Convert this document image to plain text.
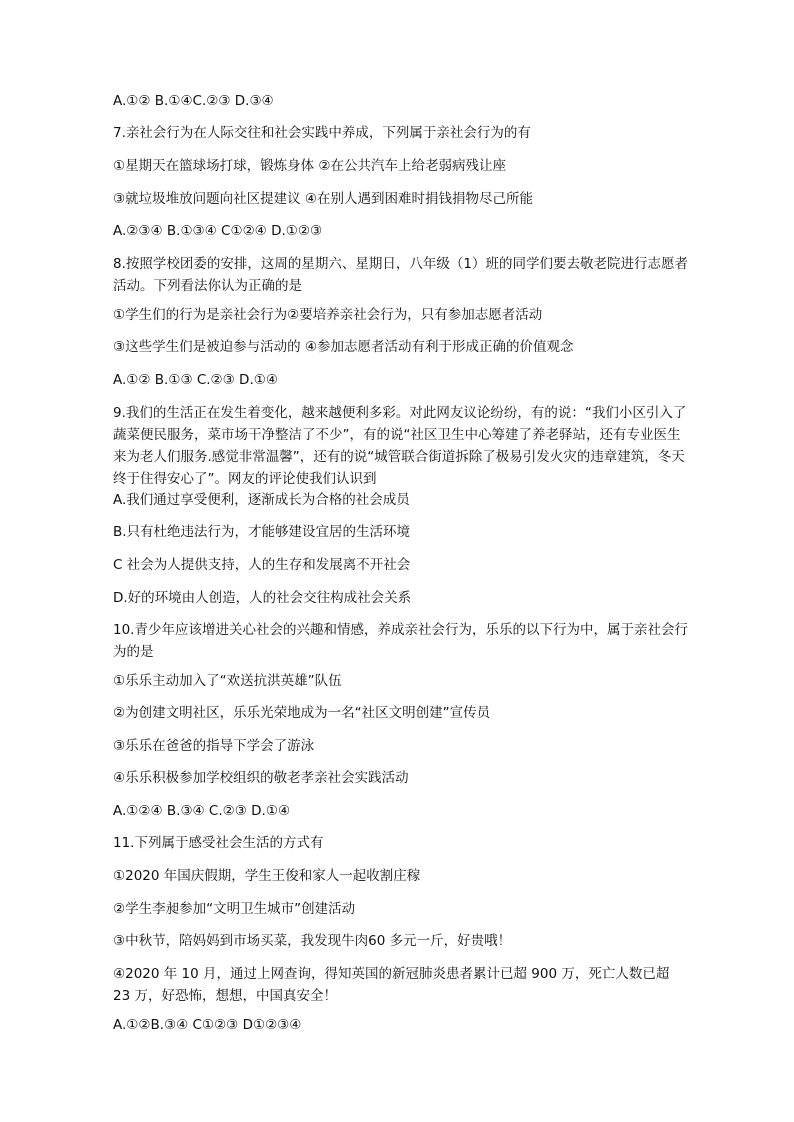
A.①② B.①④C.②③ D.③④
7.亲社会行为在人际交往和社会实践中养成，下列属于亲社会行为的有
①星期天在篮球场打球，锻炼身体 ②在公共汽车上给老弱病残让座
③就垃圾堆放问题向社区提建议 ④在别人遇到困难时捐钱捐物尽己所能
A.②③④ B.①③④ C①②④ D.①②③
8.按照学校团委的安排，这周的星期六、星期日，八年级（1）班的同学们要去敬老院进行志愿者活动。下列看法你认为正确的是
①学生们的行为是亲社会行为②要培养亲社会行为，只有参加志愿者活动
③这些学生们是被迫参与活动的 ④参加志愿者活动有利于形成正确的价值观念
A.①② B.①③ C.②③ D.①④
9.我们的生活正在发生着变化，越来越便利多彩。对此网友议论纷纷，有的说：“我们小区引入了蔬菜便民服务，菜市场干净整洁了不少”，有的说“社区卫生中心筹建了养老驿站，还有专业医生来为老人们服务.感觉非常温馨”，还有的说“城管联合街道拆除了极易引发火灾的违章建筑，冬天终于住得安心了”。网友的评论使我们认识到
A.我们通过享受便利，逐渐成长为合格的社会成员
B.只有杜绝违法行为，才能够建设宜居的生活环境
C 社会为人提供支持，人的生存和发展离不开社会
D.好的环境由人创造，人的社会交往构成社会关系
10.青少年应该增进关心社会的兴趣和情感，养成亲社会行为，乐乐的以下行为中，属于亲社会行为的是
①乐乐主动加入了“欢送抗洪英雄”队伍
②为创建文明社区，乐乐光荣地成为一名“社区文明创建”宣传员
③乐乐在爸爸的指导下学会了游泳
④乐乐积极参加学校组织的敬老孝亲社会实践活动
A.①②④ B.③④ C.②③ D.①④
11.下列属于感受社会生活的方式有
①2020 年国庆假期，学生王俊和家人一起收割庄稼
②学生李昶参加“文明卫生城市”创建活动
③中秋节，陪妈妈到市场买菜，我发现牛肉60 多元一斤，好贵哦！
④2020 年 10 月，通过上网查询，得知英国的新冠肺炎患者累计已超 900 万，死亡人数已超 23 万，好恐怖，想想，中国真安全！
A.①②B.③④ C①②③ D①②③④
